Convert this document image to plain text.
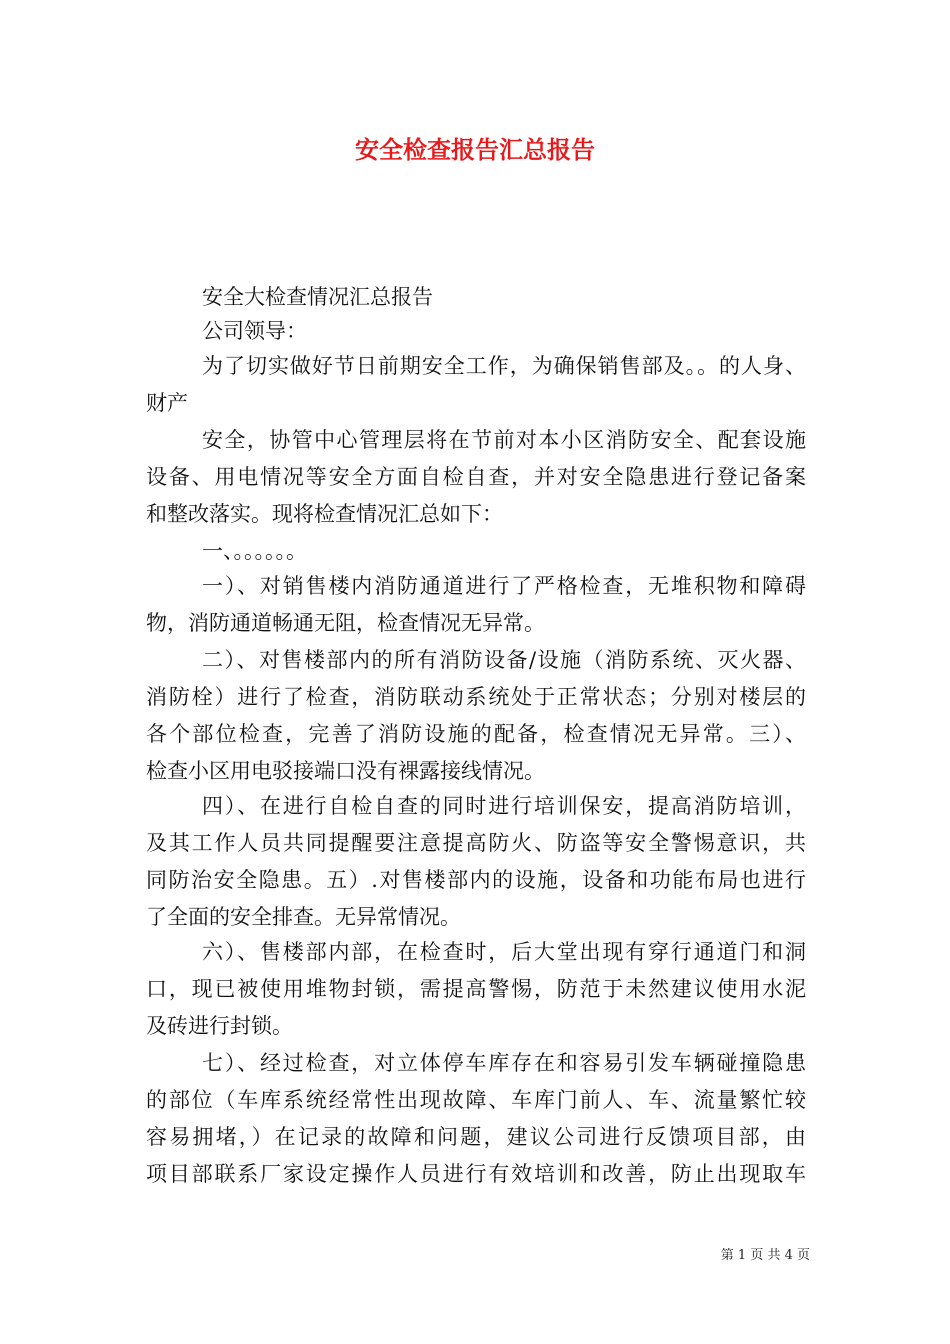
安全检查报告汇总报告
安全大检查情况汇总报告
公司领导：
为了切实做好节日前期安全工作，为确保销售部及。。的人身、
财产
安全，协管中心管理层将在节前对本小区消防安全、配套设施
设备、用电情况等安全方面自检自查，并对安全隐患进行登记备案
和整改落实。现将检查情况汇总如下：
一、。。。。。。
一）、对销售楼内消防通道进行了严格检查，无堆积物和障碍
物，消防通道畅通无阻，检查情况无异常。
二）、对售楼部内的所有消防设备/设施（消防系统、灭火器、
消防栓）进行了检查，消防联动系统处于正常状态；分别对楼层的
各个部位检查，完善了消防设施的配备，检查情况无异常。三）、
检查小区用电驳接端口没有裸露接线情况。
四）、在进行自检自查的同时进行培训保安，提高消防培训，
及其工作人员共同提醒要注意提高防火、防盗等安全警惕意识，共
同防治安全隐患。五）.对售楼部内的设施，设备和功能布局也进行
了全面的安全排查。无异常情况。
六）、售楼部内部，在检查时，后大堂出现有穿行通道门和洞
口，现已被使用堆物封锁，需提高警惕，防范于未然建议使用水泥
及砖进行封锁。
七）、经过检查，对立体停车库存在和容易引发车辆碰撞隐患
的部位（车库系统经常性出现故障、车库门前人、车、流量繁忙较
容易拥堵，）在记录的故障和问题，建议公司进行反馈项目部，由
项目部联系厂家设定操作人员进行有效培训和改善，防止出现取车
第 1 页 共 4 页
